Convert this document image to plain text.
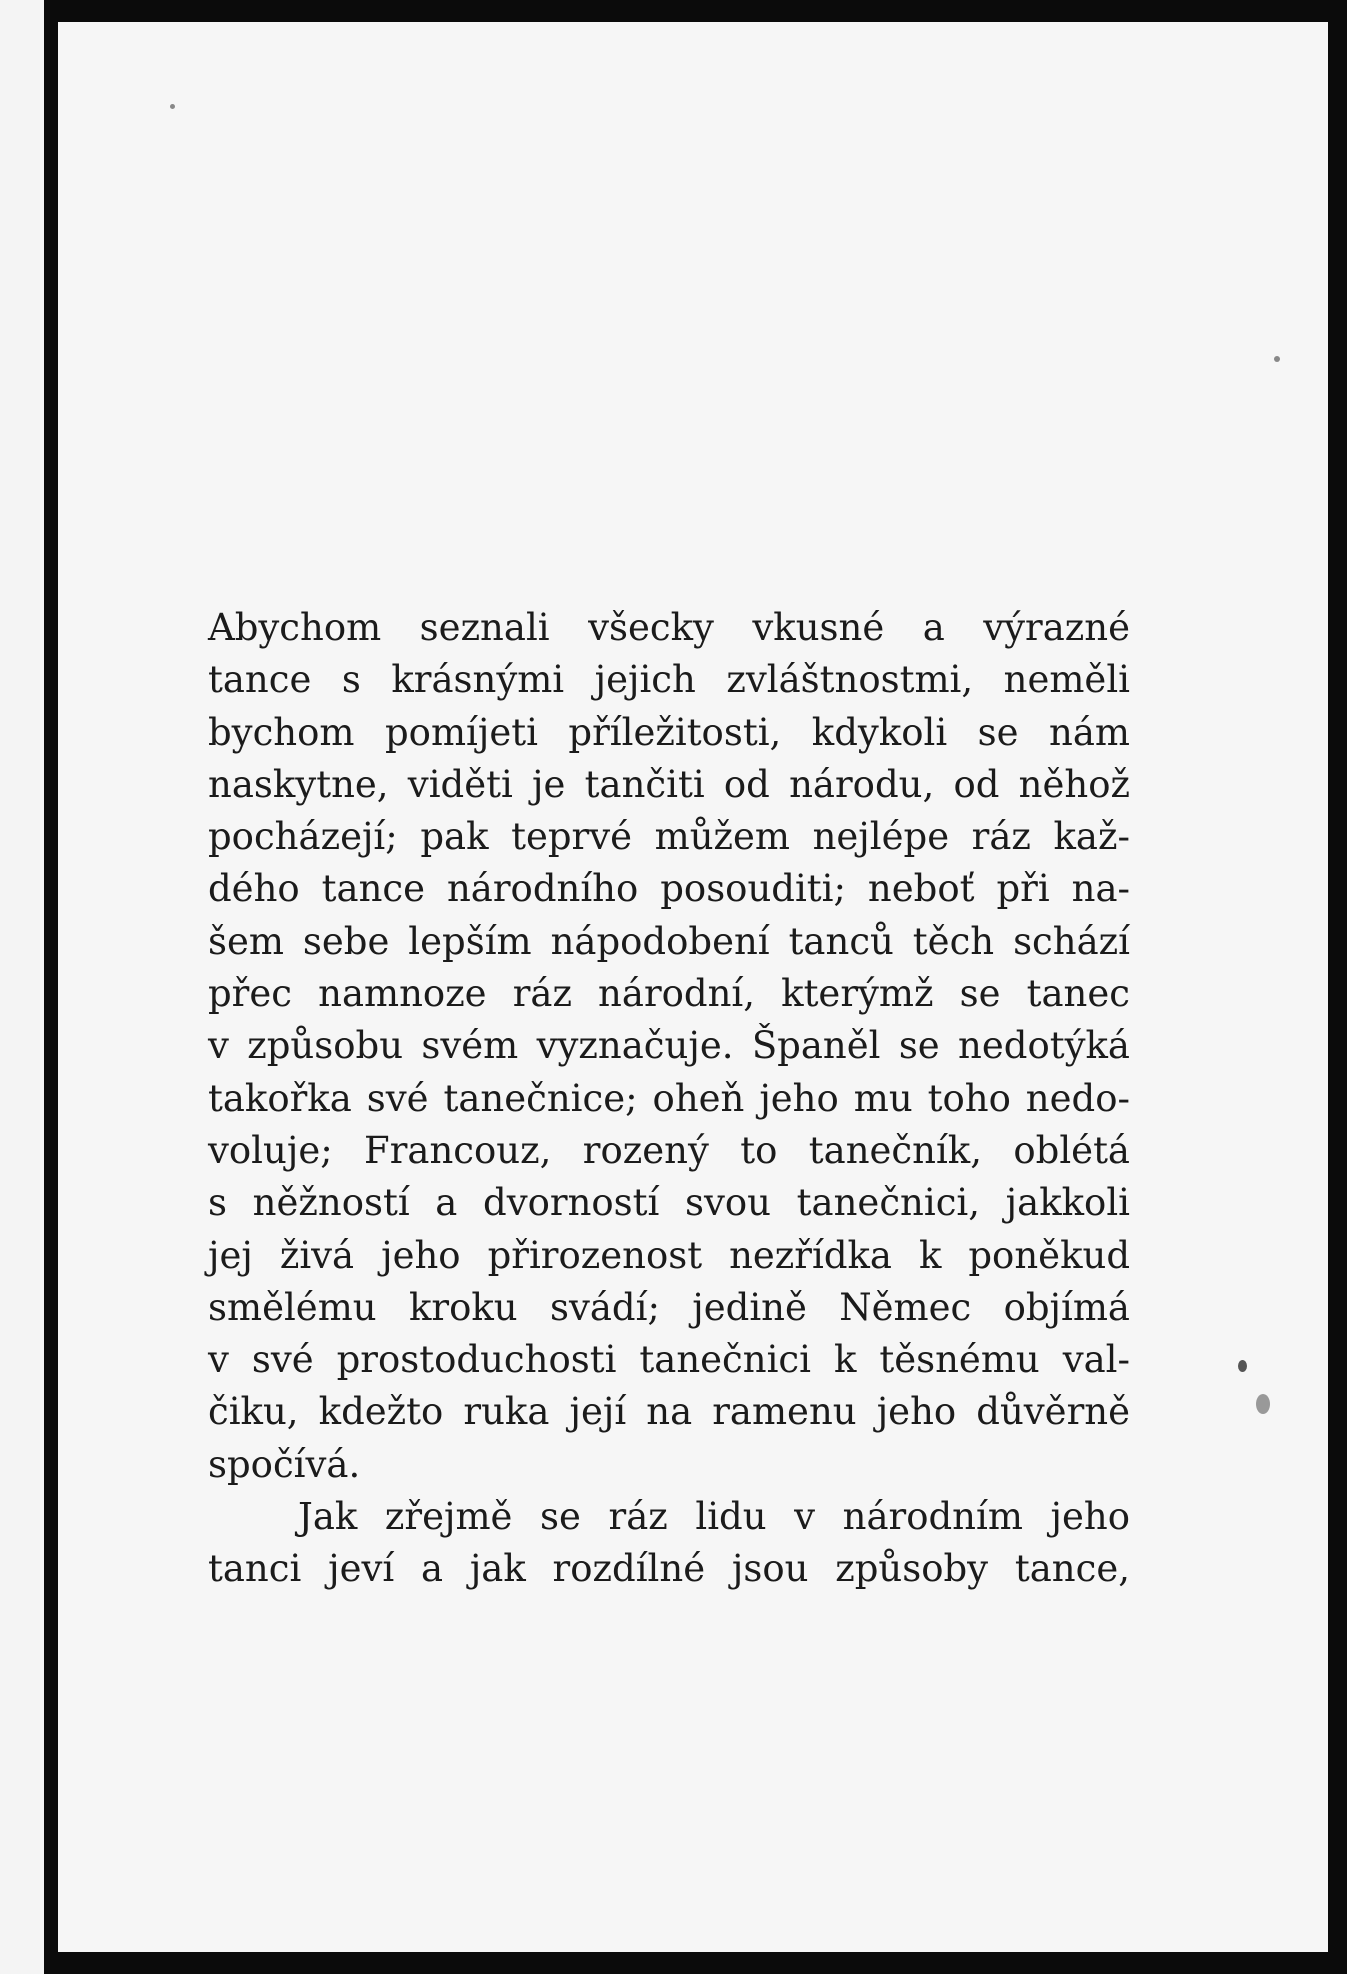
Abychom seznali všecky vkusné a výrazné
tance s krásnými jejich zvláštnostmi, neměli
bychom pomíjeti příležitosti, kdykoli se nám
naskytne, viděti je tančiti od národu, od něhož
pocházejí; pak teprvé můžem nejlépe ráz kaž-
dého tance národního posouditi; neboť při na-
šem sebe lepším nápodobení tanců těch schází
přec namnoze ráz národní, kterýmž se tanec
v způsobu svém vyznačuje. Španěl se nedotýká
takořka své tanečnice; oheň jeho mu toho nedo-
voluje; Francouz, rozený to tanečník, oblétá
s něžností a dvorností svou tanečnici, jakkoli
jej živá jeho přirozenost nezřídka k poněkud
smělému kroku svádí; jedině Němec objímá
v své prostoduchosti tanečnici k těsnému val-
čiku, kdežto ruka její na ramenu jeho důvěrně
spočívá.
Jak zřejmě se ráz lidu v národním jeho
tanci jeví a jak rozdílné jsou způsoby tance,
